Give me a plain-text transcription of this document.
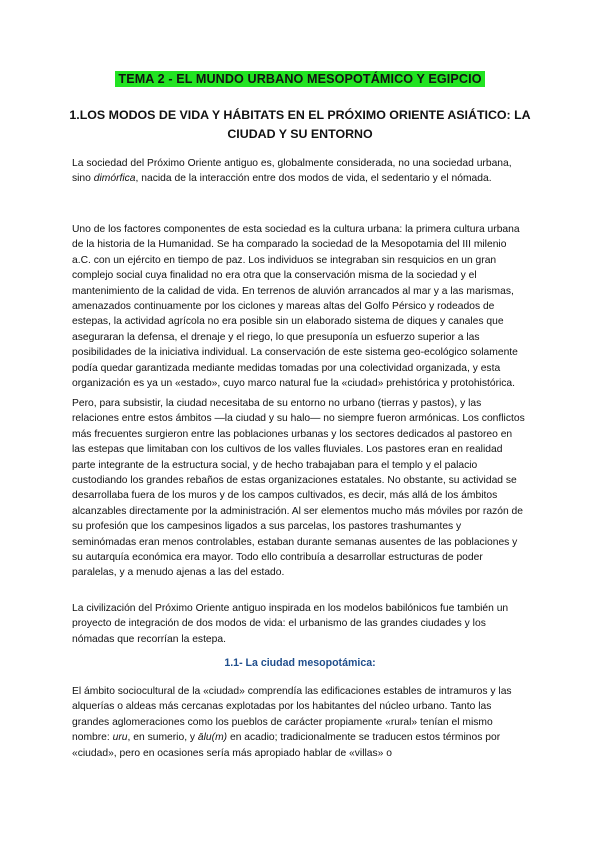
TEMA 2 - EL MUNDO URBANO MESOPOTÁMICO Y EGIPCIO
1.LOS MODOS DE VIDA Y HÁBITATS EN EL PRÓXIMO ORIENTE ASIÁTICO: LA CIUDAD Y SU ENTORNO

La sociedad del Próximo Oriente antiguo es, globalmente considerada, no una sociedad urbana, sino dimórfica, nacida de la interacción entre dos modos de vida, el sedentario y el nómada.

Uno de los factores componentes de esta sociedad es la cultura urbana: la primera cultura urbana de la historia de la Humanidad. Se ha comparado la sociedad de la Mesopotamia del III milenio a.C. con un ejército en tiempo de paz. Los individuos se integraban sin resquicios en un gran complejo social cuya finalidad no era otra que la conservación misma de la sociedad y el mantenimiento de la calidad de vida. En terrenos de aluvión arrancados al mar y a las marismas, amenazados continuamente por los ciclones y mareas altas del Golfo Pérsico y rodeados de estepas, la actividad agrícola no era posible sin un elaborado sistema de diques y canales que aseguraran la defensa, el drenaje y el riego, lo que presuponía un esfuerzo superior a las posibilidades de la iniciativa individual. La conservación de este sistema geo-ecológico solamente podía quedar garantizada mediante medidas tomadas por una colectividad organizada, y esta organización es ya un «estado», cuyo marco natural fue la «ciudad» prehistórica y protohistórica.

Pero, para subsistir, la ciudad necesitaba de su entorno no urbano (tierras y pastos), y las relaciones entre estos ámbitos —la ciudad y su halo— no siempre fueron armónicas. Los conflictos más frecuentes surgieron entre las poblaciones urbanas y los sectores dedicados al pastoreo en las estepas que limitaban con los cultivos de los valles fluviales. Los pastores eran en realidad parte integrante de la estructura social, y de hecho trabajaban para el templo y el palacio custodiando los grandes rebaños de estas organizaciones estatales. No obstante, su actividad se desarrollaba fuera de los muros y de los campos cultivados, es decir, más allá de los ámbitos alcanzables directamente por la administración. Al ser elementos mucho más móviles por razón de su profesión que los campesinos ligados a sus parcelas, los pastores trashumantes y seminómadas eran menos controlables, estaban durante semanas ausentes de las poblaciones y su autarquía económica era mayor. Todo ello contribuía a desarrollar estructuras de poder paralelas, y a menudo ajenas a las del estado.

La civilización del Próximo Oriente antiguo inspirada en los modelos babilónicos fue también un proyecto de integración de dos modos de vida: el urbanismo de las grandes ciudades y los nómadas que recorrían la estepa.

1.1- La ciudad mesopotámica:

El ámbito sociocultural de la «ciudad» comprendía las edificaciones estables de intramuros y las alquerías o aldeas más cercanas explotadas por los habitantes del núcleo urbano. Tanto las grandes aglomeraciones como los pueblos de carácter propiamente «rural» tenían el mismo nombre: uru, en sumerio, y ālu(m) en acadio; tradicionalmente se traducen estos términos por «ciudad», pero en ocasiones sería más apropiado hablar de «villas» o
